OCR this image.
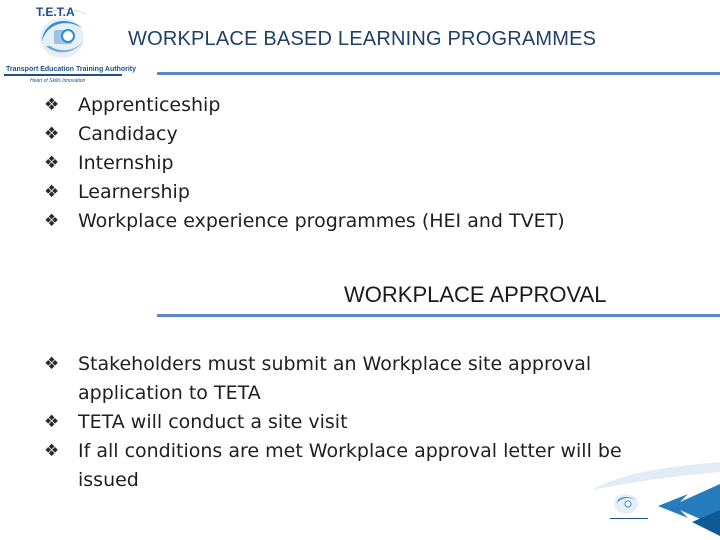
T.E.T.A
Transport Education Training Authority
Heart of Skills Innovation
WORKPLACE BASED LEARNING PROGRAMMES
❖ Apprenticeship
❖ Candidacy
❖ Internship
❖ Learnership
❖ Workplace experience programmes (HEI and TVET)
WORKPLACE APPROVAL
❖ Stakeholders must submit an Workplace site approval application to TETA
❖ TETA will conduct a site visit
❖ If all conditions are met Workplace approval letter will be issued
